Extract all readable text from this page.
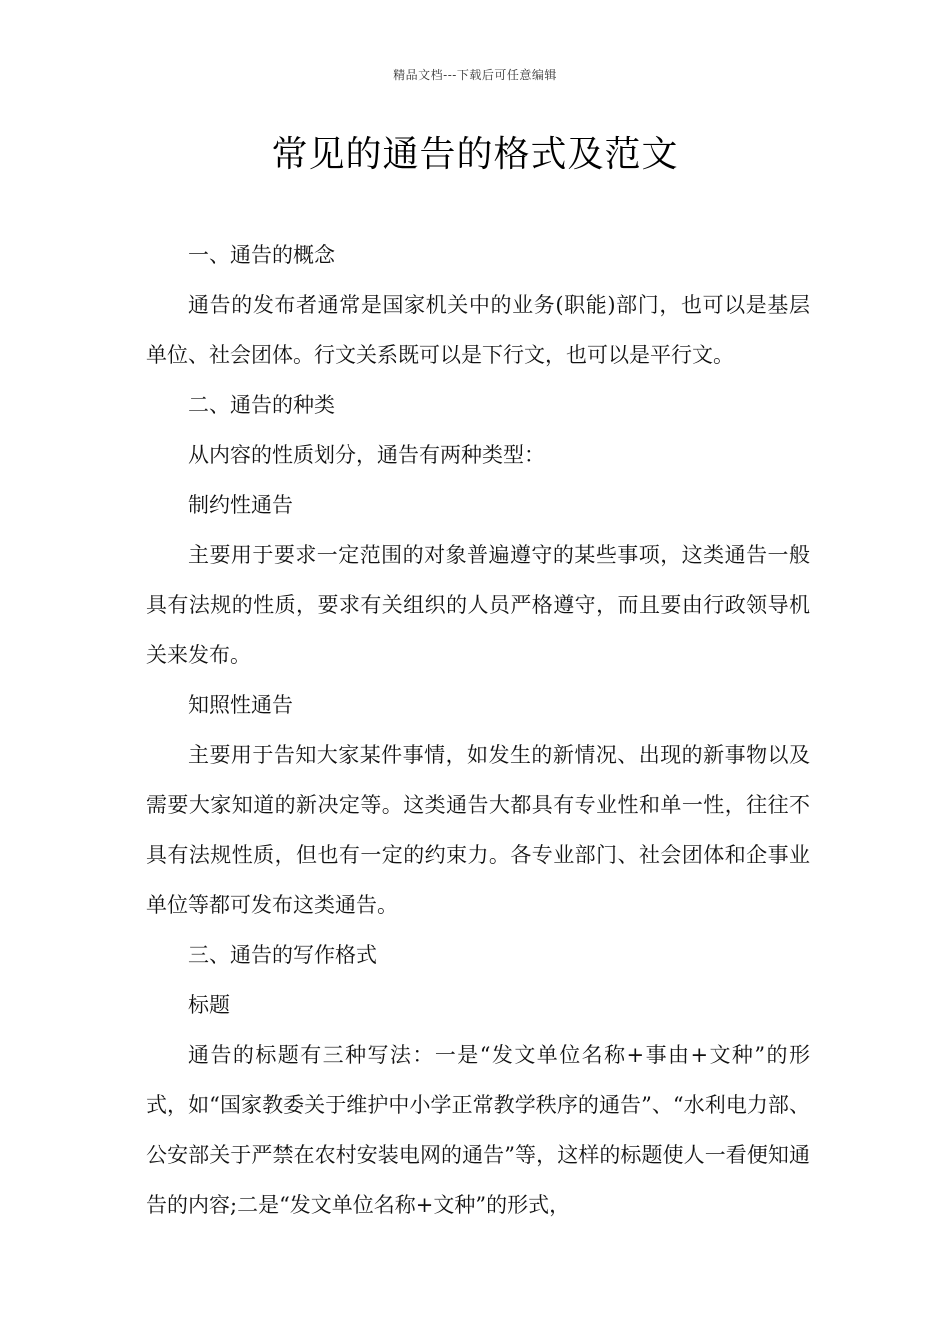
精品文档---下载后可任意编辑
常见的通告的格式及范文

一、通告的概念

通告的发布者通常是国家机关中的业务(职能)部门，也可以是基层单位、社会团体。行文关系既可以是下行文，也可以是平行文。

二、通告的种类

从内容的性质划分，通告有两种类型：

制约性通告

主要用于要求一定范围的对象普遍遵守的某些事项，这类通告一般具有法规的性质，要求有关组织的人员严格遵守，而且要由行政领导机关来发布。

知照性通告

主要用于告知大家某件事情，如发生的新情况、出现的新事物以及需要大家知道的新决定等。这类通告大都具有专业性和单一性，往往不具有法规性质，但也有一定的约束力。各专业部门、社会团体和企事业单位等都可发布这类通告。

三、通告的写作格式

标题

通告的标题有三种写法：一是“发文单位名称+事由+文种”的形式，如“国家教委关于维护中小学正常教学秩序的通告”、“水利电力部、公安部关于严禁在农村安装电网的通告”等，这样的标题使人一看便知通告的内容;二是“发文单位名称+文种”的形式，
